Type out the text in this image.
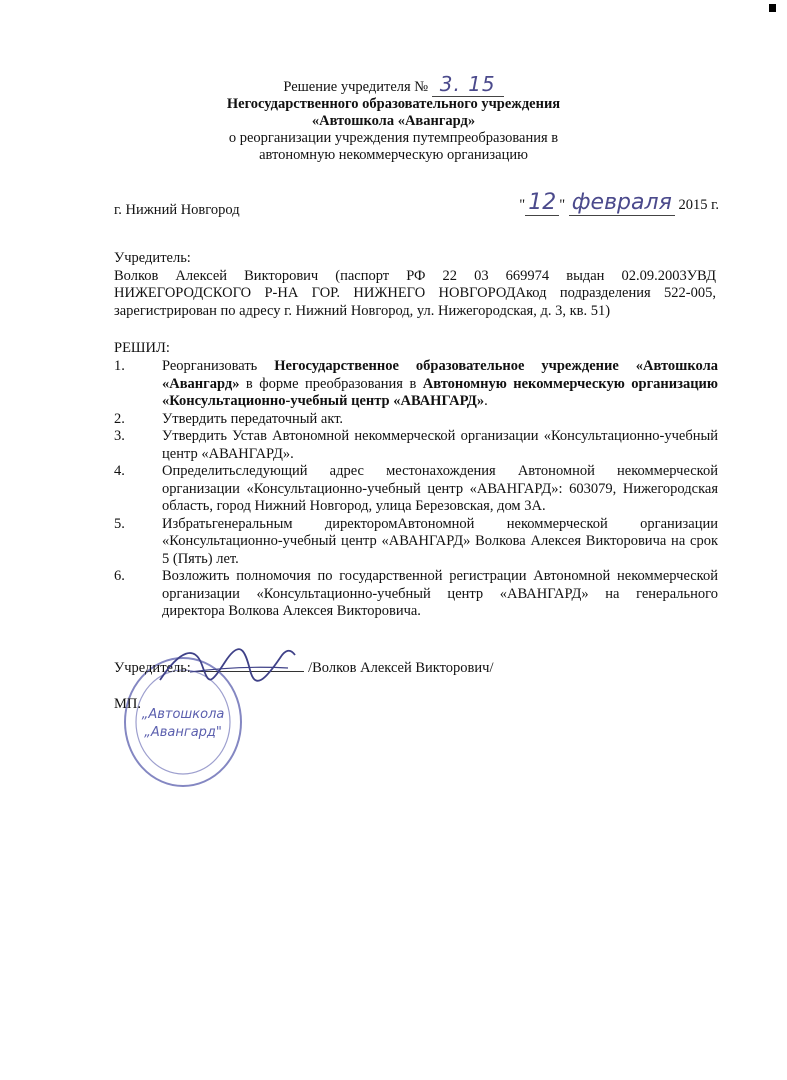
Решение учредителя № 3. 15
Негосударственного образовательного учреждения
«Автошкола «Авангард»
о реорганизации учреждения путемпреобразования в
автономную некоммерческую организацию
г. Нижний Новгород	" 12 " февраля 2015 г.
Учредитель:
Волков Алексей Викторович (паспорт РФ 22 03 669974 выдан 02.09.2003УВД НИЖЕГОРОДСКОГО Р-НА ГОР. НИЖНЕГО НОВГОРОДАкод подразделения 522-005, зарегистрирован по адресу г. Нижний Новгород, ул. Нижегородская, д. 3, кв. 51)
РЕШИЛ:
1.	Реорганизовать Негосударственное образовательное учреждение «Автошкола «Авангард» в форме преобразования в Автономную некоммерческую организацию «Консультационно-учебный центр «АВАНГАРД».
2.	Утвердить передаточный акт.
3.	Утвердить Устав Автономной некоммерческой организации «Консультационно-учебный центр «АВАНГАРД».
4.	Определитьследующий адрес местонахождения Автономной некоммерческой организации «Консультационно-учебный центр «АВАНГАРД»: 603079, Нижегородская область, город Нижний Новгород, улица Березовская, дом 3А.
5.	Избратьгенеральным директоромАвтономной некоммерческой организации «Консультационно-учебный центр «АВАНГАРД» Волкова Алексея Викторовича на срок 5 (Пять) лет.
6.	Возложить полномочия по государственной регистрации Автономной некоммерческой организации «Консультационно-учебный центр «АВАНГАРД» на генерального директора Волкова Алексея Викторовича.
„Автошкола
„Авангард"
Учредитель:	/Волков Алексей Викторович/
МП.
